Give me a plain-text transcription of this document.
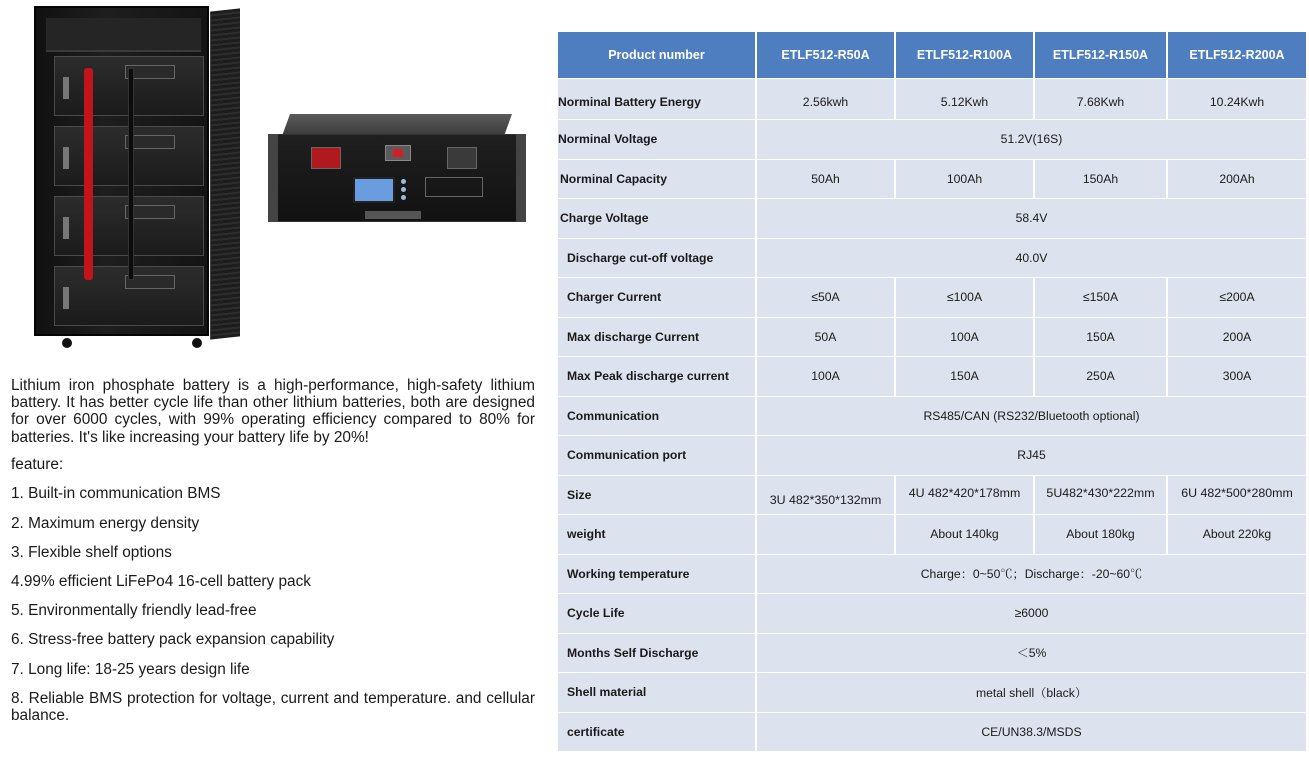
Lithium iron phosphate battery is a high-performance, high-safety lithium battery. It has better cycle life than other lithium batteries, both are designed for over 6000 cycles, with 99% operating efficiency compared to 80% for batteries. It's like increasing your battery life by 20%!

feature:
1. Built-in communication BMS
2. Maximum energy density
3. Flexible shelf options
4.99% efficient LiFePo4 16-cell battery pack
5. Environmentally friendly lead-free
6. Stress-free battery pack expansion capability
7. Long life: 18-25 years design life
8. Reliable BMS protection for voltage, current and temperature. and cellular balance.
Product number	ETLF512-R50A	ETLF512-R100A	ETLF512-R150A	ETLF512-R200A
Norminal Battery Energy	2.56kwh	5.12Kwh	7.68Kwh	10.24Kwh
Norminal Voltage	51.2V(16S)			
Norminal Capacity	50Ah	100Ah	150Ah	200Ah
Charge Voltage	58.4V			
Discharge cut-off voltage	40.0V			
Charger Current	≤50A	≤100A	≤150A	≤200A
Max discharge Current	50A	100A	150A	200A
Max Peak discharge current	100A	150A	250A	300A
Communication	RS485/CAN (RS232/Bluetooth optional)			
Communication port	RJ45			
Size	3U 482*350*132mm	4U 482*420*178mm	5U482*430*222mm	6U 482*500*280mm
weight		About 140kg	About 180kg	About 220kg
Working temperature	Charge：0~50℃；Discharge：-20~60℃			
Cycle Life	≥6000			
Months Self Discharge	＜5%			
Shell material	metal shell（black）			
certificate	CE/UN38.3/MSDS			
